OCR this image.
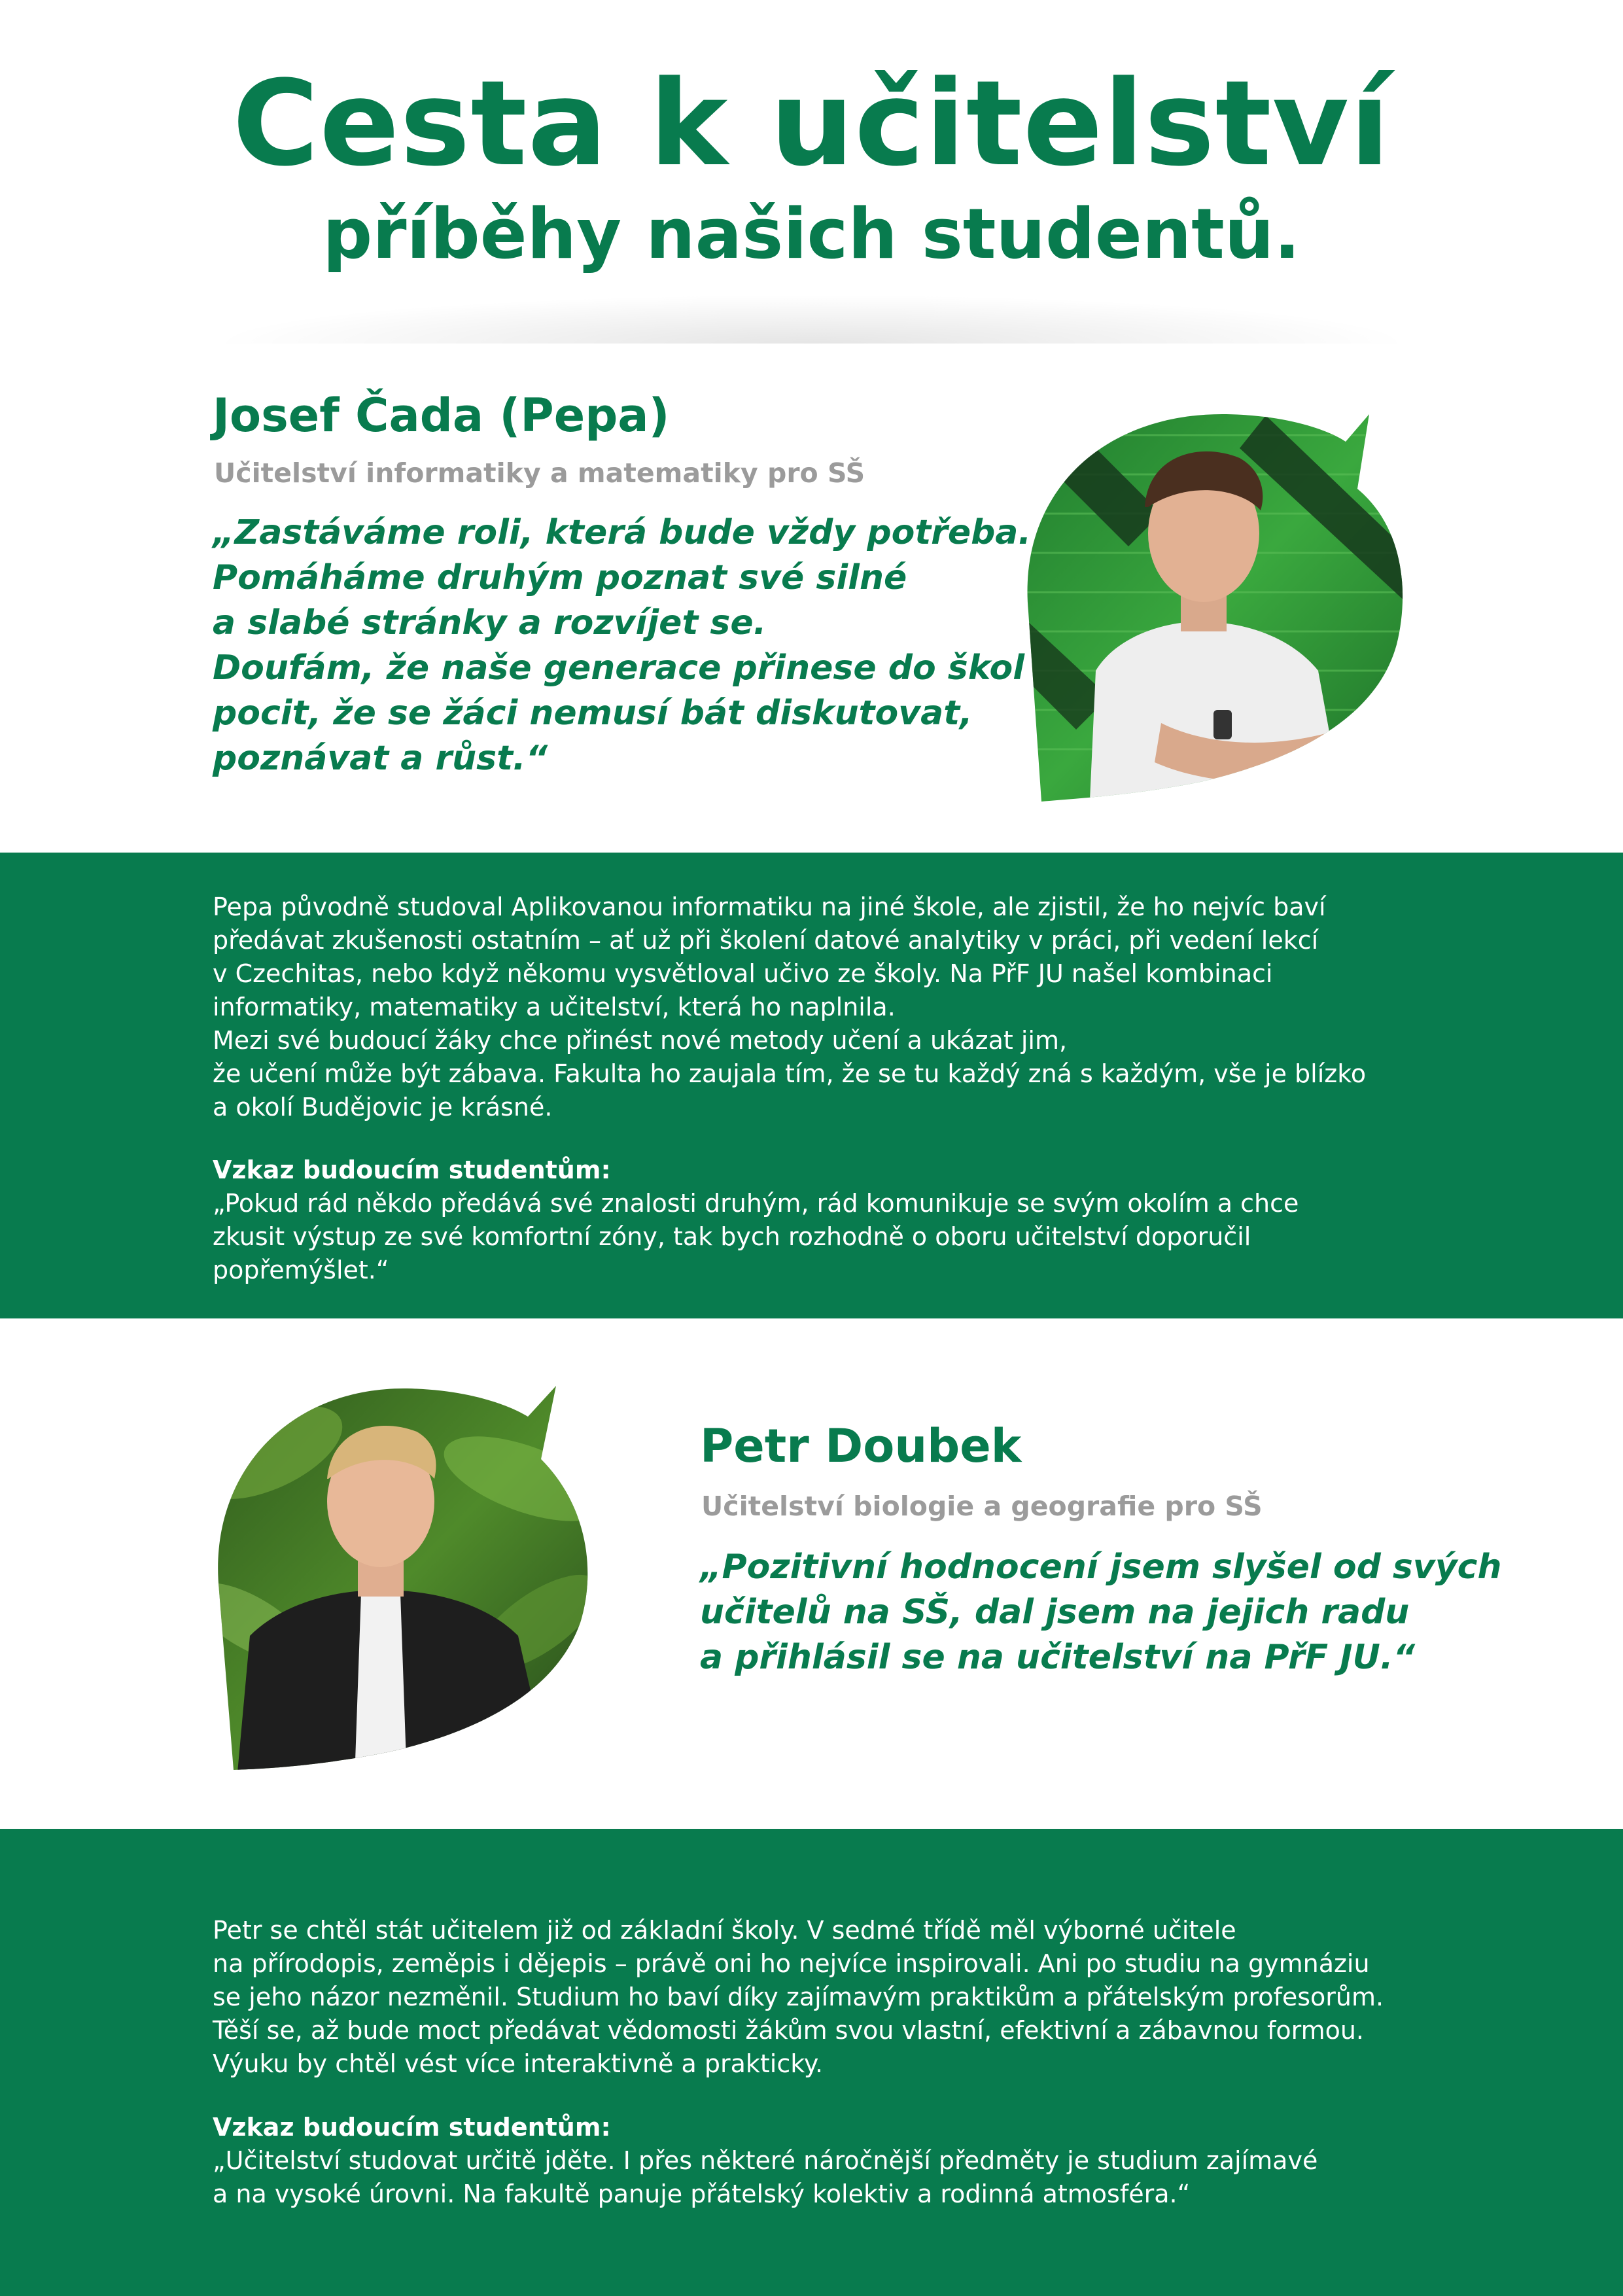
Cesta k učitelství
příběhy našich studentů.
Josef Čada (Pepa)
Učitelství informatiky a matematiky pro SŠ
„Zastáváme roli, která bude vždy potřeba.
Pomáháme druhým poznat své silné
a slabé stránky a rozvíjet se.
Doufám, že naše generace přinese do škol
pocit, že se žáci nemusí bát diskutovat,
poznávat a růst.“

Pepa původně studoval Aplikovanou informatiku na jiné škole, ale zjistil, že ho nejvíc baví

předávat zkušenosti ostatním – ať už při školení datové analytiky v práci, při vedení lekcí

v Czechitas, nebo když někomu vysvětloval učivo ze školy. Na PřF JU našel kombinaci

informatiky, matematiky a učitelství, která ho naplnila.

Mezi své budoucí žáky chce přinést nové metody učení a ukázat jim,

že učení může být zábava. Fakulta ho zaujala tím, že se tu každý zná s každým, vše je blízko

a okolí Budějovic je krásné.

Vzkaz budoucím studentům:

„Pokud rád někdo předává své znalosti druhým, rád komunikuje se svým okolím a chce

zkusit výstup ze své komfortní zóny, tak bych rozhodně o oboru učitelství doporučil

popřemýšlet.“

Petr Doubek
Učitelství biologie a geografie pro SŠ
„Pozitivní hodnocení jsem slyšel od svých
učitelů na SŠ, dal jsem na jejich radu
a přihlásil se na učitelství na PřF JU.“

Petr se chtěl stát učitelem již od základní školy. V sedmé třídě měl výborné učitele

na přírodopis, zeměpis i dějepis – právě oni ho nejvíce inspirovali. Ani po studiu na gymnáziu

se jeho názor nezměnil. Studium ho baví díky zajímavým praktikům a přátelským profesorům.

Těší se, až bude moct předávat vědomosti žákům svou vlastní, efektivní a zábavnou formou.

Výuku by chtěl vést více interaktivně a prakticky.

Vzkaz budoucím studentům:

„Učitelství studovat určitě jděte. I přes některé náročnější předměty je studium zajímavé

a na vysoké úrovni. Na fakultě panuje přátelský kolektiv a rodinná atmosféra.“
